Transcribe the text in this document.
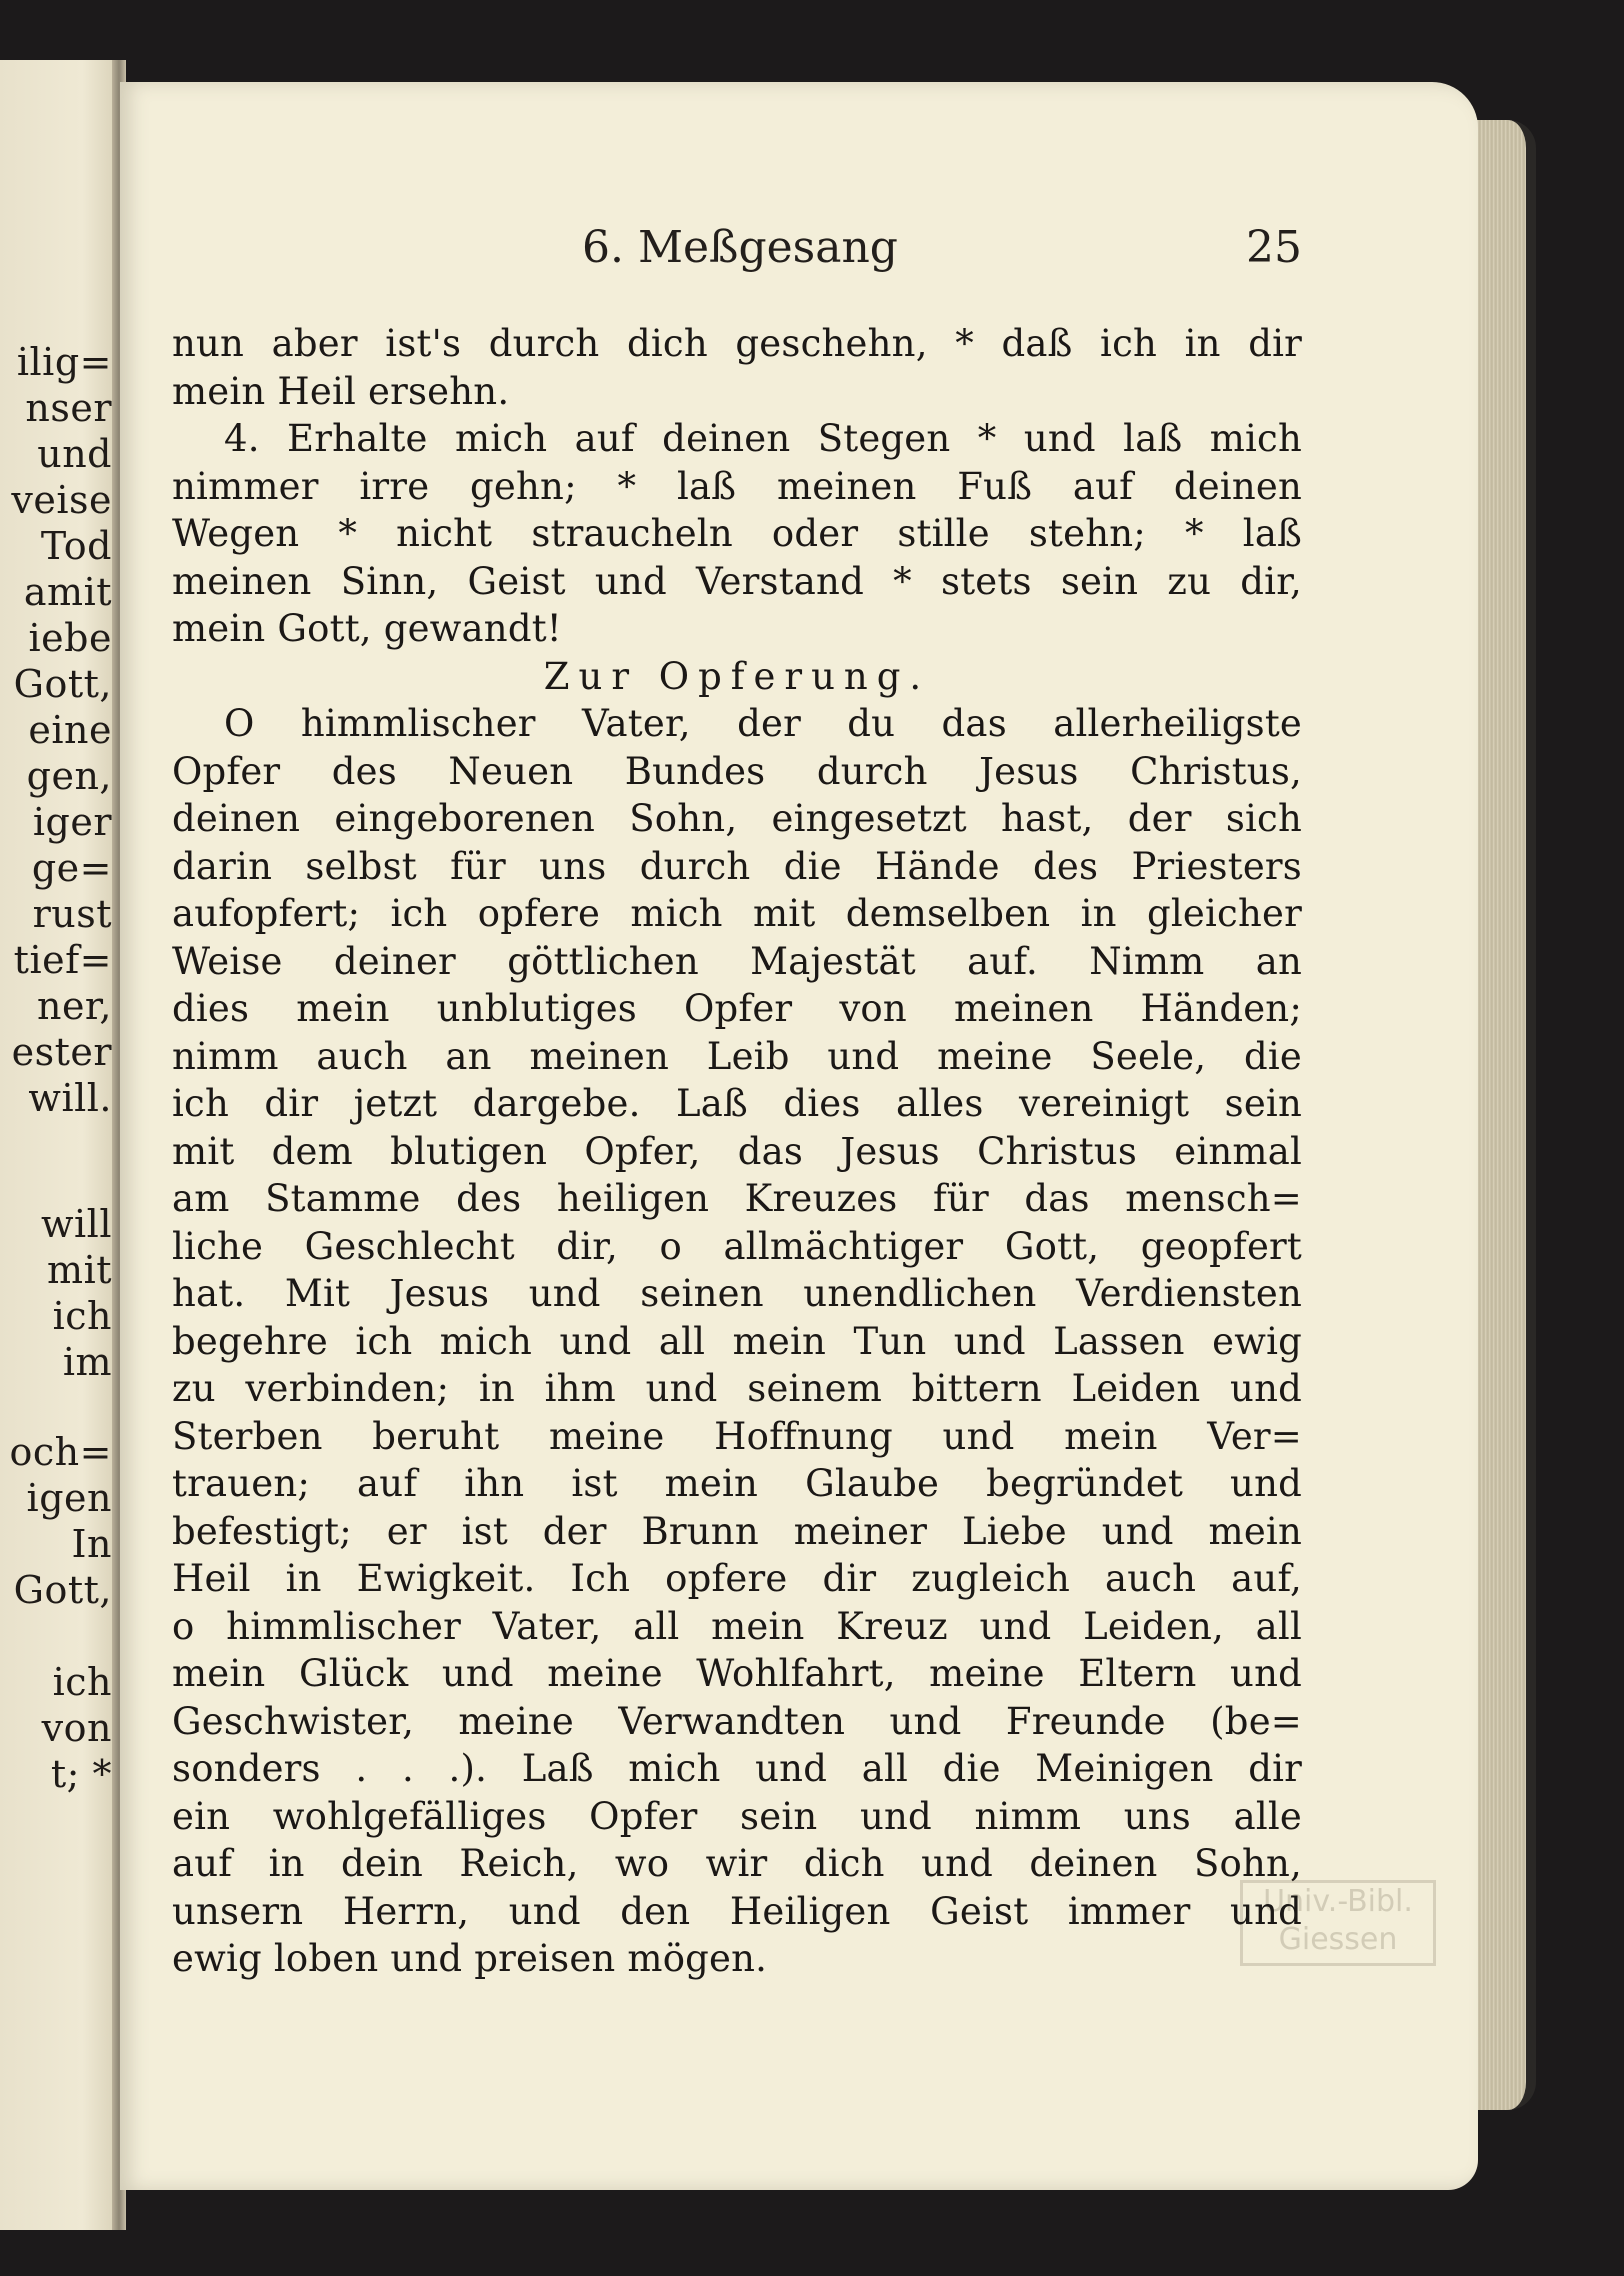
ilig=
nser
und
veise
Tod
amit
iebe
Gott,
eine
gen,
iger
ge=
rust
tief=
ner,
ester
will.
will
mit
ich
im
och=
igen
In
Gott,
ich
von
t; *
Univ.-Bibl. Giessen
6. Meßgesang	25
nun aber ist's durch dich geschehn, * daß ich in dir
mein Heil ersehn.
4. Erhalte mich auf deinen Stegen * und laß mich
nimmer irre gehn; * laß meinen Fuß auf deinen
Wegen * nicht straucheln oder stille stehn; * laß
meinen Sinn, Geist und Verstand * stets sein zu dir,
mein Gott, gewandt!
Zur Opferung.
O himmlischer Vater, der du das allerheiligste
Opfer des Neuen Bundes durch Jesus Christus,
deinen eingeborenen Sohn, eingesetzt hast, der sich
darin selbst für uns durch die Hände des Priesters
aufopfert; ich opfere mich mit demselben in gleicher
Weise deiner göttlichen Majestät auf. Nimm an
dies mein unblutiges Opfer von meinen Händen;
nimm auch an meinen Leib und meine Seele, die
ich dir jetzt dargebe. Laß dies alles vereinigt sein
mit dem blutigen Opfer, das Jesus Christus einmal
am Stamme des heiligen Kreuzes für das mensch=
liche Geschlecht dir, o allmächtiger Gott, geopfert
hat. Mit Jesus und seinen unendlichen Verdiensten
begehre ich mich und all mein Tun und Lassen ewig
zu verbinden; in ihm und seinem bittern Leiden und
Sterben beruht meine Hoffnung und mein Ver=
trauen; auf ihn ist mein Glaube begründet und
befestigt; er ist der Brunn meiner Liebe und mein
Heil in Ewigkeit. Ich opfere dir zugleich auch auf,
o himmlischer Vater, all mein Kreuz und Leiden, all
mein Glück und meine Wohlfahrt, meine Eltern und
Geschwister, meine Verwandten und Freunde (be=
sonders . . .). Laß mich und all die Meinigen dir
ein wohlgefälliges Opfer sein und nimm uns alle
auf in dein Reich, wo wir dich und deinen Sohn,
unsern Herrn, und den Heiligen Geist immer und
ewig loben und preisen mögen.
